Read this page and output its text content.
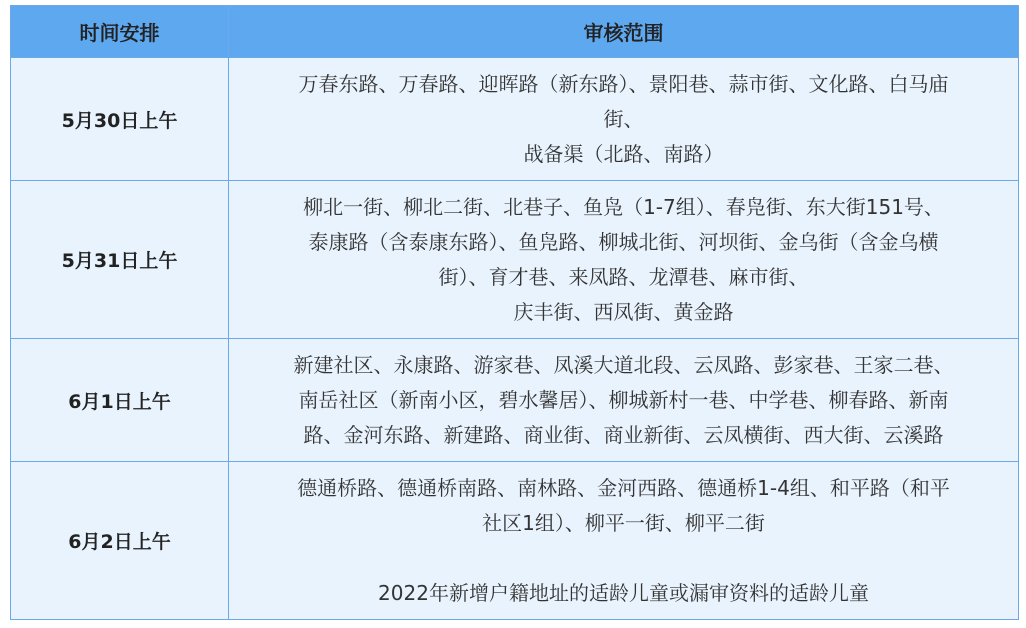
时间安排	审核范围
5月30日上午	万春东路、万春路、迎晖路（新东路）、景阳巷、蒜市街、文化路、白马庙
街、
战备渠（北路、南路）

5月31日上午	柳北一街、柳北二街、北巷子、鱼凫（1-7组）、春凫街、东大街151号、
泰康路（含泰康东路）、鱼凫路、柳城北街、河坝街、金乌街（含金乌横
街）、育才巷、来凤路、龙潭巷、麻市街、
庆丰街、西凤街、黄金路

6月1日上午	新建社区、永康路、游家巷、凤溪大道北段、云凤路、彭家巷、王家二巷、
南岳社区（新南小区，碧水馨居）、柳城新村一巷、中学巷、柳春路、新南
路、金河东路、新建路、商业街、商业新街、云凤横街、西大街、云溪路

6月2日上午	德通桥路、德通桥南路、南林路、金河西路、德通桥1-4组、和平路（和平
社区1组）、柳平一街、柳平二街
2022年新增户籍地址的适龄儿童或漏审资料的适龄儿童
